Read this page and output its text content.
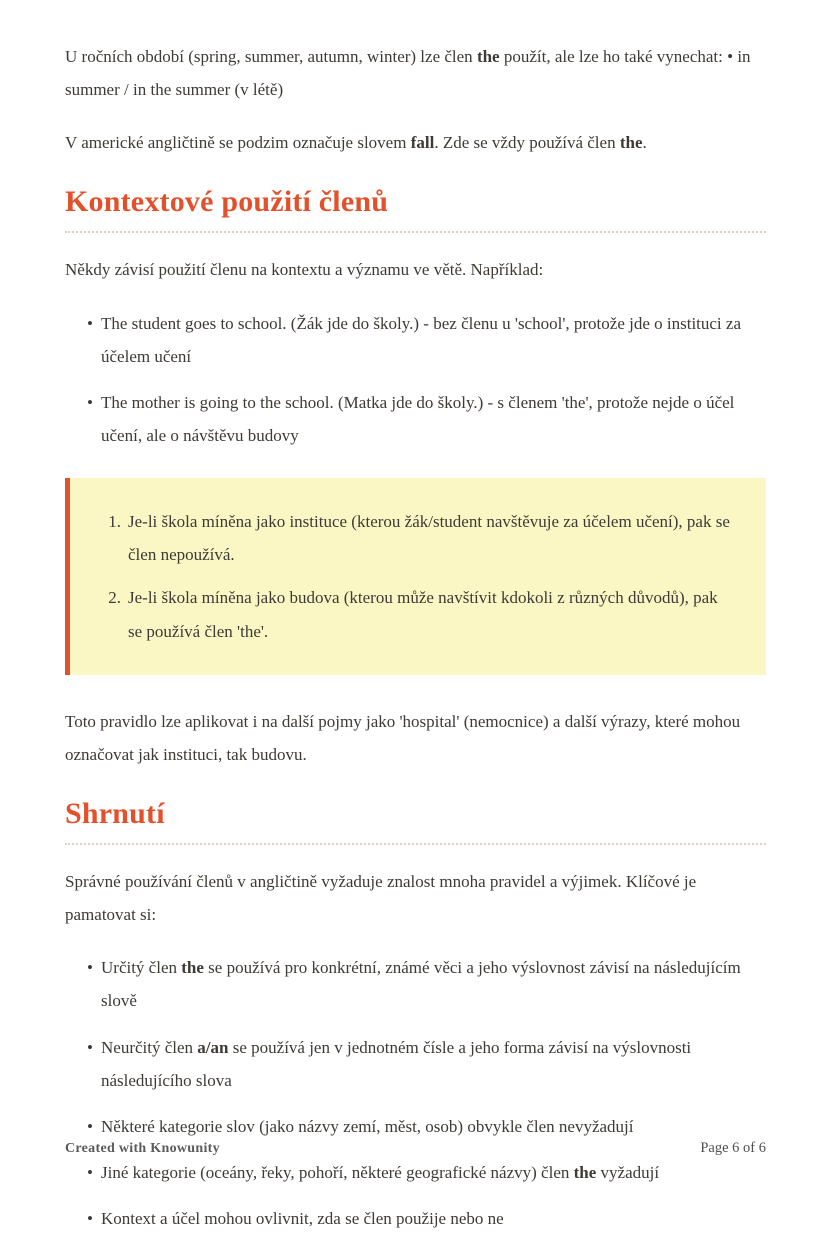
U ročních období (spring, summer, autumn, winter) lze člen the použít, ale lze ho také vynechat: • in summer / in the summer (v létě)

V americké angličtině se podzim označuje slovem fall. Zde se vždy používá člen the.

Kontextové použití členů

Někdy závisí použití členu na kontextu a významu ve větě. Například:

• The student goes to school. (Žák jde do školy.) - bez členu u 'school', protože jde o instituci za účelem učení
• The mother is going to the school. (Matka jde do školy.) - s členem 'the', protože nejde o účel učení, ale o návštěvu budovy
1. Je-li škola míněna jako instituce (kterou žák/student navštěvuje za účelem učení), pak se člen nepoužívá.
2. Je-li škola míněna jako budova (kterou může navštívit kdokoli z různých důvodů), pak se používá člen 'the'.

Toto pravidlo lze aplikovat i na další pojmy jako 'hospital' (nemocnice) a další výrazy, které mohou označovat jak instituci, tak budovu.

Shrnutí

Správné používání členů v angličtině vyžaduje znalost mnoha pravidel a výjimek. Klíčové je pamatovat si:

• Určitý člen the se používá pro konkrétní, známé věci a jeho výslovnost závisí na následujícím slově
• Neurčitý člen a/an se používá jen v jednotném čísle a jeho forma závisí na výslovnosti následujícího slova
• Některé kategorie slov (jako názvy zemí, měst, osob) obvykle člen nevyžadují
• Jiné kategorie (oceány, řeky, pohoří, některé geografické názvy) člen the vyžadují
• Kontext a účel mohou ovlivnit, zda se člen použije nebo ne
Created with Knowunity	Page 6 of 6
